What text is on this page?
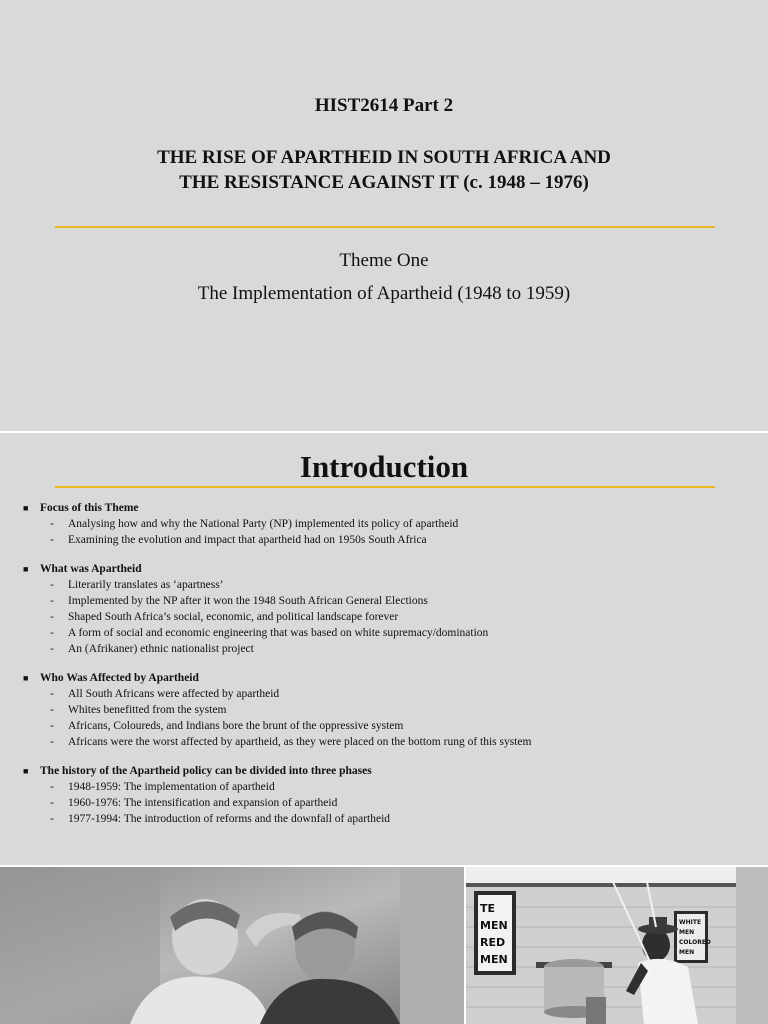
HIST2614 Part 2
THE RISE OF APARTHEID IN SOUTH AFRICA AND
THE RESISTANCE AGAINST IT (c. 1948 – 1976)
Theme One
The Implementation of Apartheid (1948 to 1959)
Introduction
■ Focus of this Theme
- Analysing how and why the National Party (NP) implemented its policy of apartheid
- Examining the evolution and impact that apartheid had on 1950s South Africa
■ What was Apartheid
- Literarily translates as ‘apartness’
- Implemented by the NP after it won the 1948 South African General Elections
- Shaped South Africa’s social, economic, and political landscape forever
- A form of social and economic engineering that was based on white supremacy/domination
- An (Afrikaner) ethnic nationalist project
■ Who Was Affected by Apartheid
- All South Africans were affected by apartheid
- Whites benefitted from the system
- Africans, Coloureds, and Indians bore the brunt of the oppressive system
- Africans were the worst affected by apartheid, as they were placed on the bottom rung of this system
■ The history of the Apartheid policy can be divided into three phases
- 1948-1959: The implementation of apartheid
- 1960-1976: The intensification and expansion of apartheid
- 1977-1994: The introduction of reforms and the downfall of apartheid
TE
MEN
RED
MEN
WHITE
MEN
COLORED
MEN
